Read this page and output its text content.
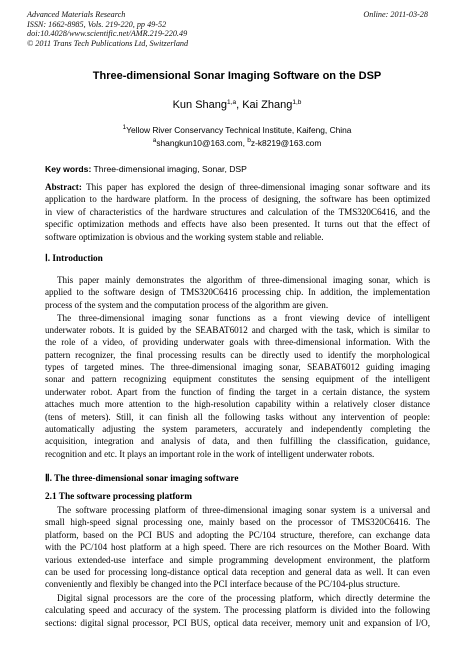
Advanced Materials Research
ISSN: 1662-8985, Vols. 219-220, pp 49-52
doi:10.4028/www.scientific.net/AMR.219-220.49
© 2011 Trans Tech Publications Ltd, Switzerland
Online: 2011-03-28
Three-dimensional Sonar Imaging Software on the DSP
Kun Shang$^{1,a}$, Kai Zhang$^{1,b}$
$^1$Yellow River Conservancy Technical Institute, Kaifeng, China
$^a$shangkun10@163.com, $^b$z-k8219@163.com
Key words: Three-dimensional imaging, Sonar, DSP
Abstract: This paper has explored the design of three-dimensional imaging sonar software and its
application to the hardware platform. In the process of designing, the software has been optimized
in view of characteristics of the hardware structures and calculation of the TMS320C6416, and the
specific optimization methods and effects have also been presented. It turns out that the effect of
software optimization is obvious and the working system stable and reliable.
Ⅰ. Introduction
This paper mainly demonstrates the algorithm of three-dimensional imaging sonar, which is
applied to the software design of TMS320C6416 processing chip. In addition, the implementation
process of the system and the computation process of the algorithm are given.
The three-dimensional imaging sonar functions as a front viewing device of intelligent
underwater robots. It is guided by the SEABAT6012 and charged with the task, which is similar to
the role of a video, of providing underwater goals with three-dimensional information. With the
pattern recognizer, the final processing results can be directly used to identify the morphological
types of targeted mines. The three-dimensional imaging sonar, SEABAT6012 guiding imaging
sonar and pattern recognizing equipment constitutes the sensing equipment of the intelligent
underwater robot. Apart from the function of finding the target in a certain distance, the system
attaches much more attention to the high-resolution capability within a relatively closer distance
(tens of meters). Still, it can finish all the following tasks without any intervention of people:
automatically adjusting the system parameters, accurately and independently completing the
acquisition, integration and analysis of data, and then fulfilling the classification, guidance,
recognition and etc. It plays an important role in the work of intelligent underwater robots.
Ⅱ. The three-dimensional sonar imaging software
2.1 The software processing platform
The software processing platform of three-dimensional imaging sonar system is a universal and
small high-speed signal processing one, mainly based on the processor of TMS320C6416. The
platform, based on the PCI BUS and adopting the PC/104 structure, therefore, can exchange data
with the PC/104 host platform at a high speed. There are rich resources on the Mother Board. With
various extended-use interface and simple programming development environment, the platform
can be used for processing long-distance optical data reception and general data as well. It can even
conveniently and flexibly be changed into the PCI interface because of the PC/104-plus structure.
Digital signal processors are the core of the processing platform, which directly determine the
calculating speed and accuracy of the system. The processing platform is divided into the following
sections: digital signal processor, PCI BUS, optical data receiver, memory unit and expansion of I/O,
